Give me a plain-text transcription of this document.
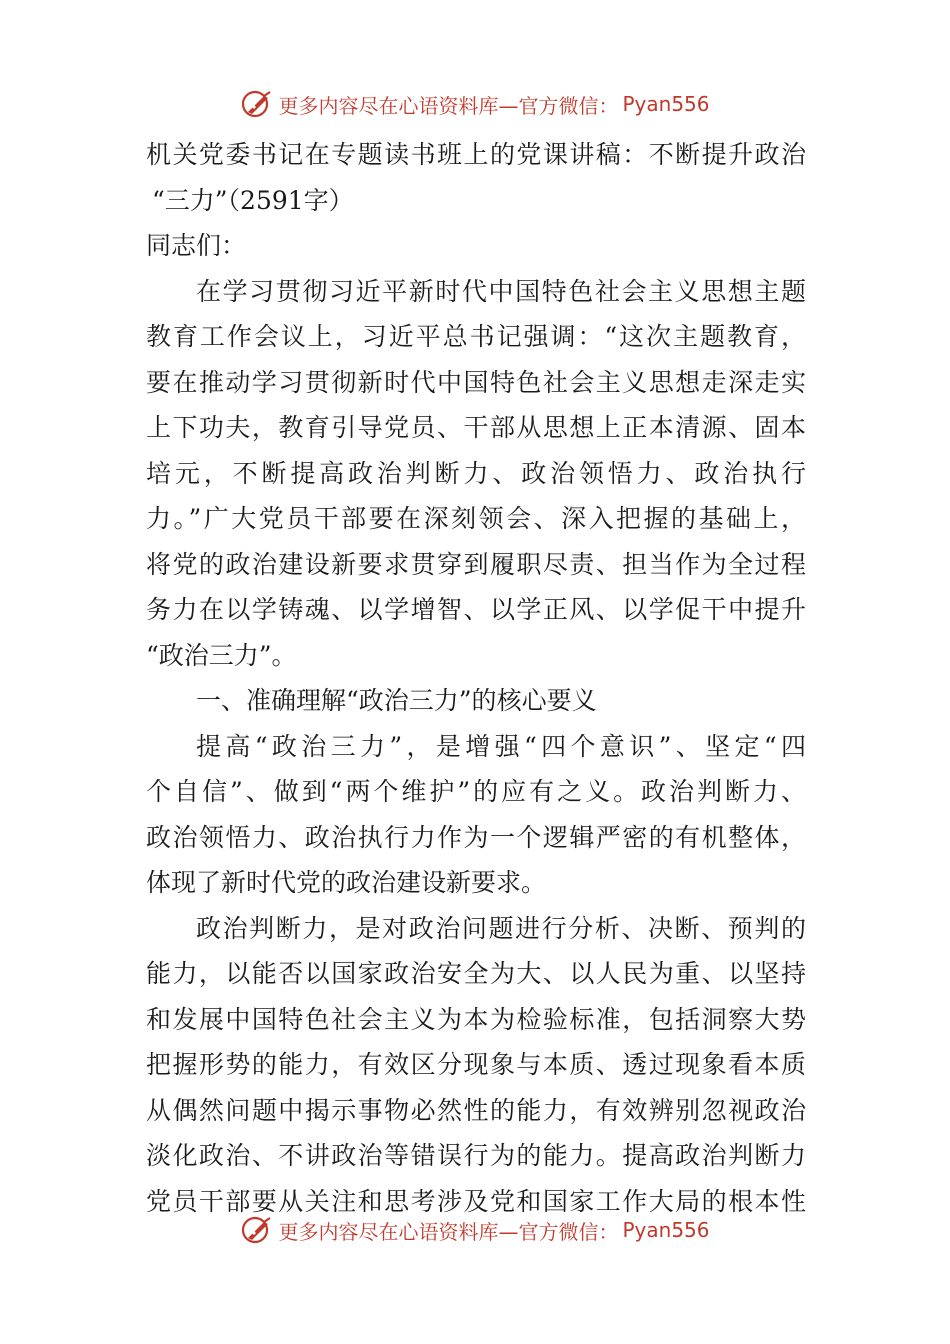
更多内容尽在心语资料库—官方微信： Pyan556
机关党委书记在专题读书班上的党课讲稿：不断提升政治
“三力”（2591字）
同志们：
在学习贯彻习近平新时代中国特色社会主义思想主题
教育工作会议上，习近平总书记强调：“这次主题教育，
要在推动学习贯彻新时代中国特色社会主义思想走深走实
上下功夫，教育引导党员、干部从思想上正本清源、固本
培元，不断提高政治判断力、政治领悟力、政治执行
力。”广大党员干部要在深刻领会、深入把握的基础上，
将党的政治建设新要求贯穿到履职尽责、担当作为全过程
务力在以学铸魂、以学增智、以学正风、以学促干中提升
“政治三力”。
一、准确理解“政治三力”的核心要义
提高“政治三力”，是增强“四个意识”、坚定“四
个自信”、做到“两个维护”的应有之义。政治判断力、
政治领悟力、政治执行力作为一个逻辑严密的有机整体，
体现了新时代党的政治建设新要求。
政治判断力，是对政治问题进行分析、决断、预判的
能力，以能否以国家政治安全为大、以人民为重、以坚持
和发展中国特色社会主义为本为检验标准，包括洞察大势
把握形势的能力，有效区分现象与本质、透过现象看本质
从偶然问题中揭示事物必然性的能力，有效辨别忽视政治
淡化政治、不讲政治等错误行为的能力。提高政治判断力
党员干部要从关注和思考涉及党和国家工作大局的根本性
更多内容尽在心语资料库—官方微信： Pyan556
